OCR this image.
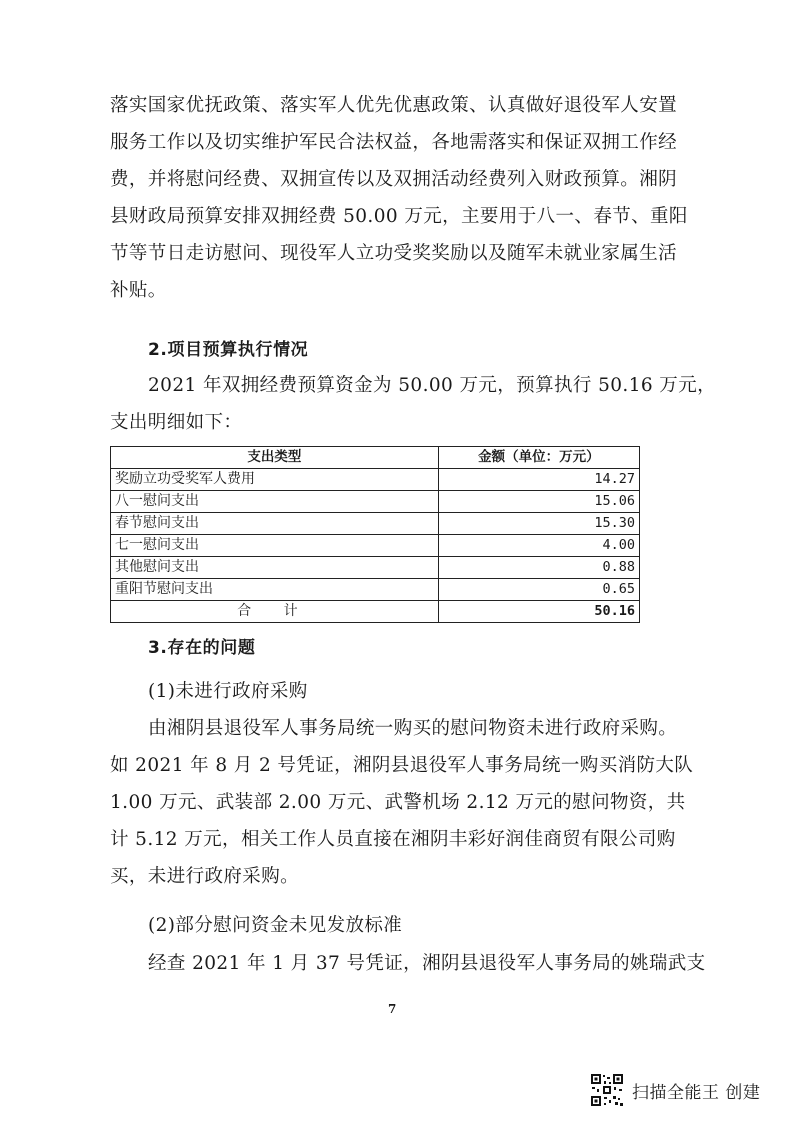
落实国家优抚政策、落实军人优先优惠政策、认真做好退役军人安置
服务工作以及切实维护军民合法权益，各地需落实和保证双拥工作经
费，并将慰问经费、双拥宣传以及双拥活动经费列入财政预算。湘阴
县财政局预算安排双拥经费 50.00 万元，主要用于八一、春节、重阳
节等节日走访慰问、现役军人立功受奖奖励以及随军未就业家属生活
补贴。
2.项目预算执行情况
2021 年双拥经费预算资金为 50.00 万元，预算执行 50.16 万元，
支出明细如下：
支出类型	金额（单位：万元）
奖励立功受奖军人费用	14.27
八一慰问支出	15.06
春节慰问支出	15.30
七一慰问支出	4.00
其他慰问支出	0.88
重阳节慰问支出	0.65
合 计	50.16
3.存在的问题
(1)未进行政府采购
由湘阴县退役军人事务局统一购买的慰问物资未进行政府采购。
如 2021 年 8 月 2 号凭证，湘阴县退役军人事务局统一购买消防大队
1.00 万元、武装部 2.00 万元、武警机场 2.12 万元的慰问物资，共
计 5.12 万元，相关工作人员直接在湘阴丰彩好润佳商贸有限公司购
买，未进行政府采购。
(2)部分慰问资金未见发放标准
经查 2021 年 1 月 37 号凭证，湘阴县退役军人事务局的姚瑞武支
7
扫描全能王 创建
